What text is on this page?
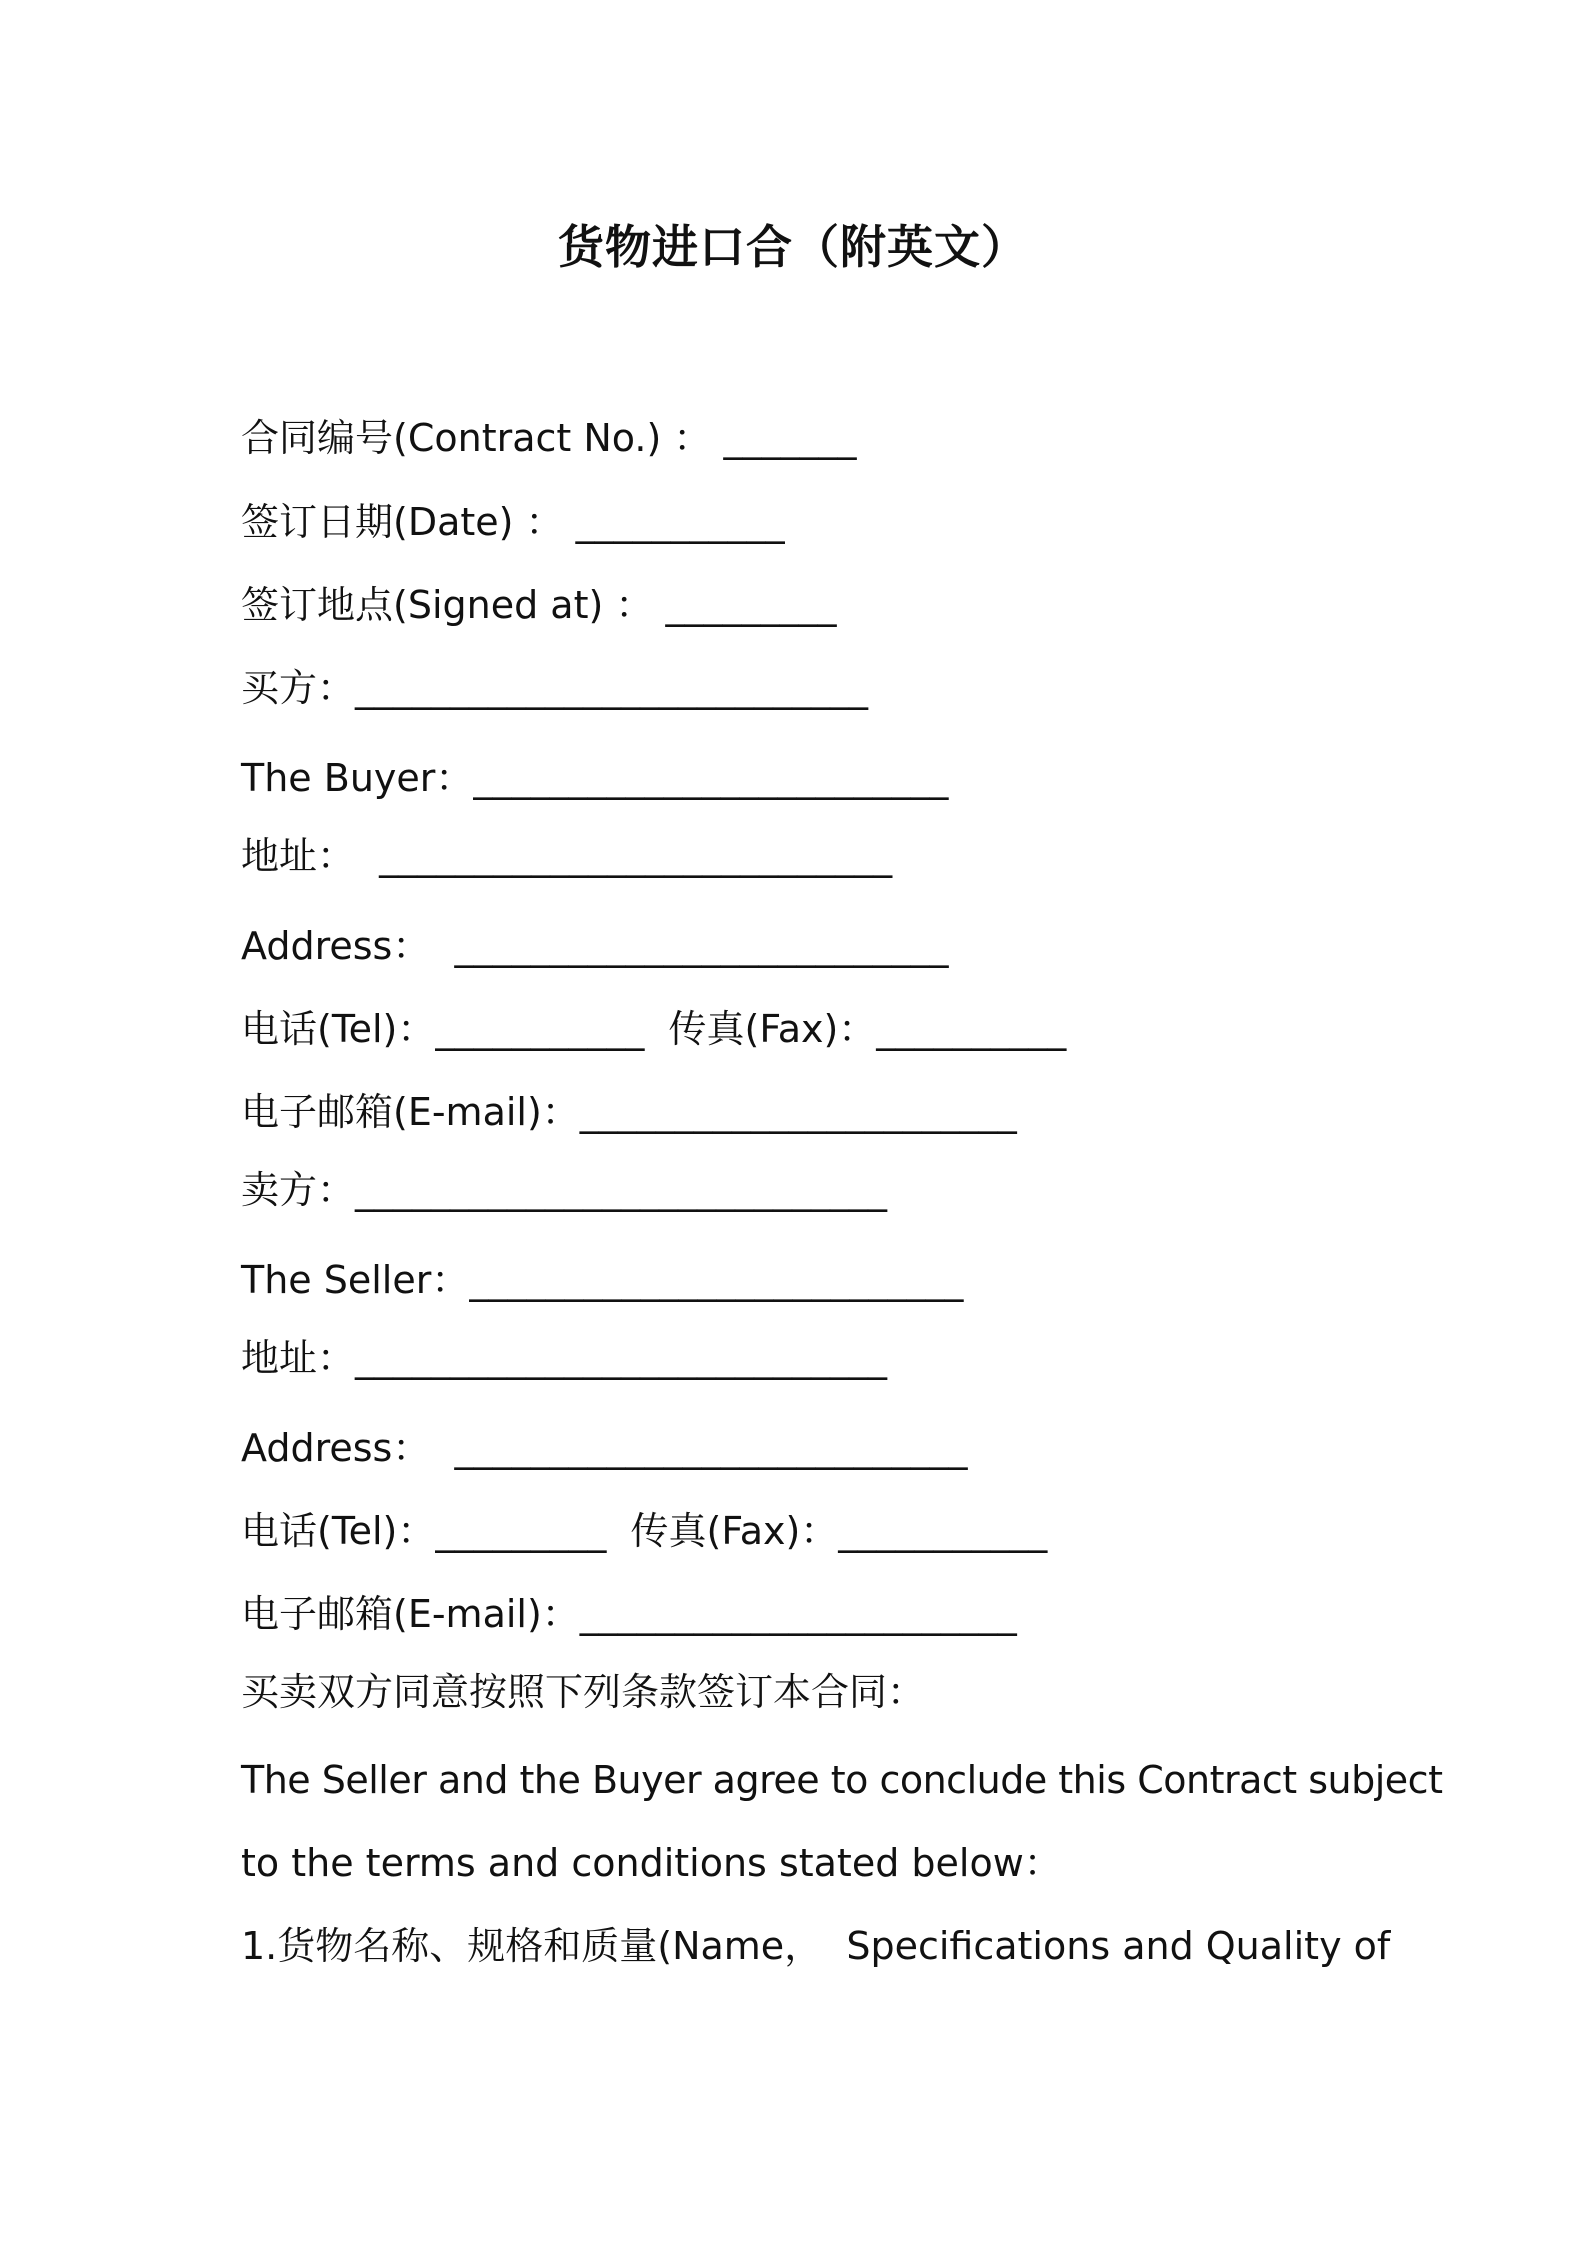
货物进口合（附英文）
合同编号(Contract No.) ： _______
签订日期(Date) ： ___________
签订地点(Signed at) ： _________
买方：___________________________
The Buyer：_________________________
地址：  ___________________________
Address：  __________________________
电话(Tel)：___________  传真(Fax)：__________
电子邮箱(E-mail)：_______________________
卖方：____________________________
The Seller：__________________________
地址：____________________________
Address：  ___________________________
电话(Tel)：_________  传真(Fax)：___________
电子邮箱(E-mail)：_______________________
买卖双方同意按照下列条款签订本合同：
The Seller and the Buyer agree to conclude this Contract subject
to the terms and conditions stated below：
1.货物名称、规格和质量(Name，  Specifications and Quality of
